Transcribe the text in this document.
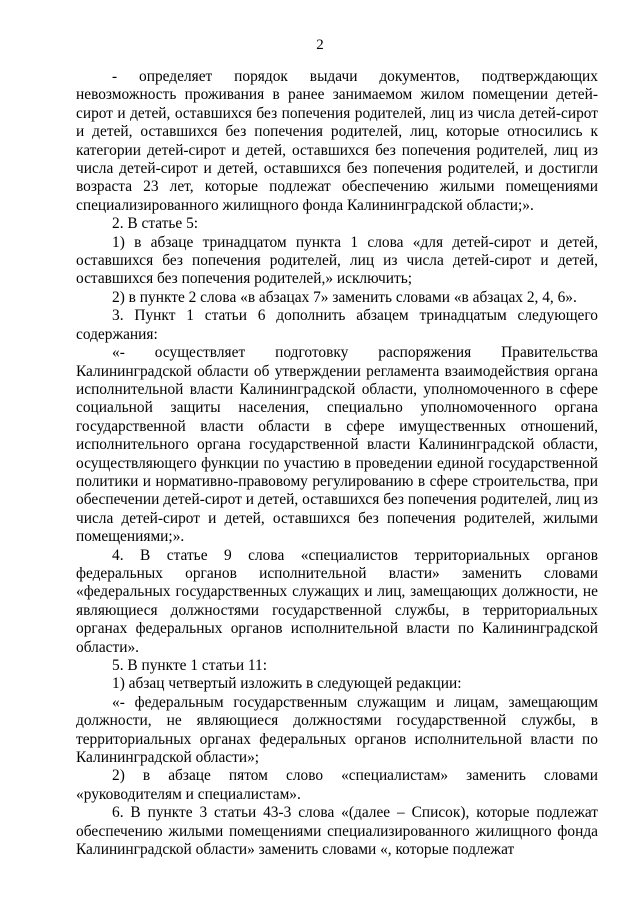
2

- определяет порядок выдачи документов, подтверждающих невозможность проживания в ранее занимаемом жилом помещении детей-сирот и детей, оставшихся без попечения родителей, лиц из числа детей-сирот и детей, оставшихся без попечения родителей, лиц, которые относились к категории детей-сирот и детей, оставшихся без попечения родителей, лиц из числа детей-сирот и детей, оставшихся без попечения родителей, и достигли возраста 23 лет, которые подлежат обеспечению жилыми помещениями специализированного жилищного фонда Калининградской области;».

2. В статье 5:

1) в абзаце тринадцатом пункта 1 слова «для детей-сирот и детей, оставшихся без попечения родителей, лиц из числа детей-сирот и детей, оставшихся без попечения родителей,» исключить;

2) в пункте 2 слова «в абзацах 7» заменить словами «в абзацах 2, 4, 6».

3. Пункт 1 статьи 6 дополнить абзацем тринадцатым следующего содержания:

«- осуществляет подготовку распоряжения Правительства Калининградской области об утверждении регламента взаимодействия органа исполнительной власти Калининградской области, уполномоченного в сфере социальной защиты населения, специально уполномоченного органа государственной власти области в сфере имущественных отношений, исполнительного органа государственной власти Калининградской области, осуществляющего функции по участию в проведении единой государственной политики и нормативно-правовому регулированию в сфере строительства, при обеспечении детей-сирот и детей, оставшихся без попечения родителей, лиц из числа детей-сирот и детей, оставшихся без попечения родителей, жилыми помещениями;».

4. В статье 9 слова «специалистов территориальных органов федеральных органов исполнительной власти» заменить словами «федеральных государственных служащих и лиц, замещающих должности, не являющиеся должностями государственной службы, в территориальных органах федеральных органов исполнительной власти по Калининградской области».

5. В пункте 1 статьи 11:

1) абзац четвертый изложить в следующей редакции:

«- федеральным государственным служащим и лицам, замещающим должности, не являющиеся должностями государственной службы, в территориальных органах федеральных органов исполнительной власти по Калининградской области»;

2) в абзаце пятом слово «специалистам» заменить словами «руководителям и специалистам».

6. В пункте 3 статьи 43-3 слова «(далее – Список), которые подлежат обеспечению жилыми помещениями специализированного жилищного фонда Калининградской области» заменить словами «, которые подлежат
